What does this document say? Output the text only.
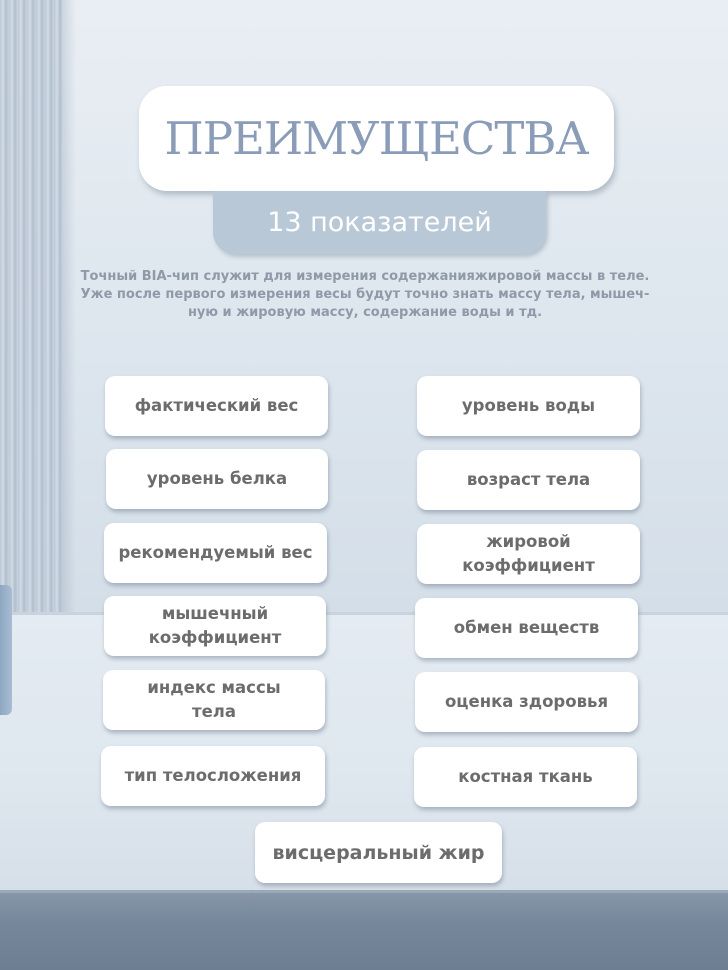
ПРЕИМУЩЕСТВА
13 показателей

Точный BIA-чип служит для измерения содержанияжировой массы в теле.
Уже после первого измерения весы будут точно знать массу тела, мышеч-
ную и жировую массу, содержание воды и тд.

фактический вес
уровень белка
рекомендуемый вес
мышечный
коэффициент
индекс массы
тела
тип телосложения
уровень воды
возраст тела
жировой
коэффициент
обмен веществ
оценка здоровья
костная ткань
висцеральный жир
